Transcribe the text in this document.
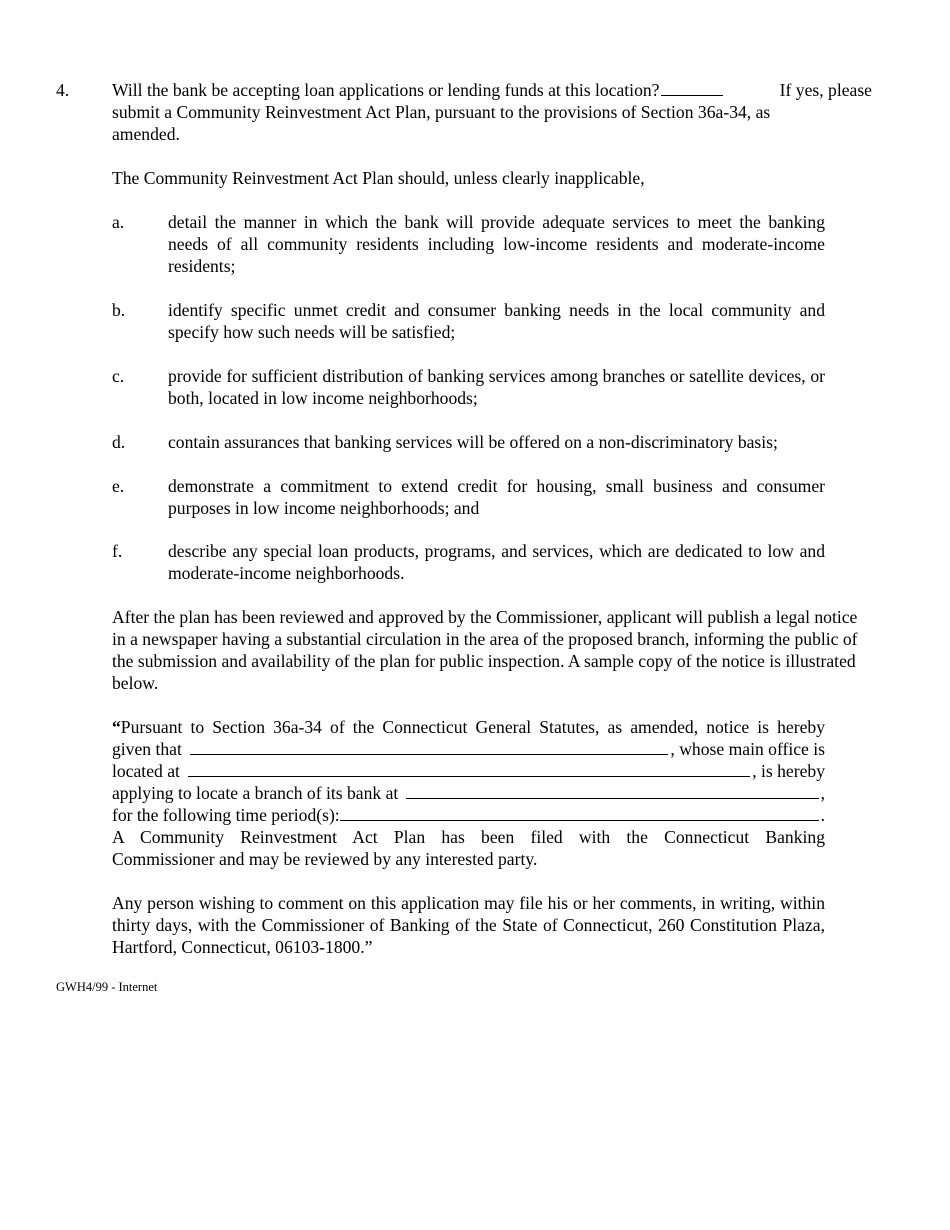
4. Will the bank be accepting loan applications or lending funds at this location?	If yes, please
submit a Community Reinvestment Act Plan, pursuant to the provisions of Section 36a-34, as
amended.
The Community Reinvestment Act Plan should, unless clearly inapplicable,
a. detail the manner in which the bank will provide adequate services to meet the banking needs of all community residents including low-income residents and moderate-income residents;
b. identify specific unmet credit and consumer banking needs in the local community and specify how such needs will be satisfied;
c. provide for sufficient distribution of banking services among branches or satellite devices, or both, located in low income neighborhoods;
d. contain assurances that banking services will be offered on a non-discriminatory basis;
e. demonstrate a commitment to extend credit for housing, small business and consumer purposes in low income neighborhoods; and
f.	describe any special loan products, programs, and services, which are dedicated to low and moderate-income neighborhoods.
After the plan has been reviewed and approved by the Commissioner, applicant will publish a legal notice in a newspaper having a substantial circulation in the area of the proposed branch, informing the public of the submission and availability of the plan for public inspection. A sample copy of the notice is illustrated below.
“Pursuant to Section 36a-34 of the Connecticut General Statutes, as amended, notice is hereby
given that	, whose main office is
located at	, is hereby
applying to locate a branch of its bank at	,
for the following time period(s):	.
A Community Reinvestment Act Plan has been filed with the Connecticut Banking
Commissioner and may be reviewed by any interested party.
Any person wishing to comment on this application may file his or her comments, in writing, within thirty days, with the Commissioner of Banking of the State of Connecticut, 260 Constitution Plaza, Hartford, Connecticut, 06103-1800.”
GWH4/99 - Internet
